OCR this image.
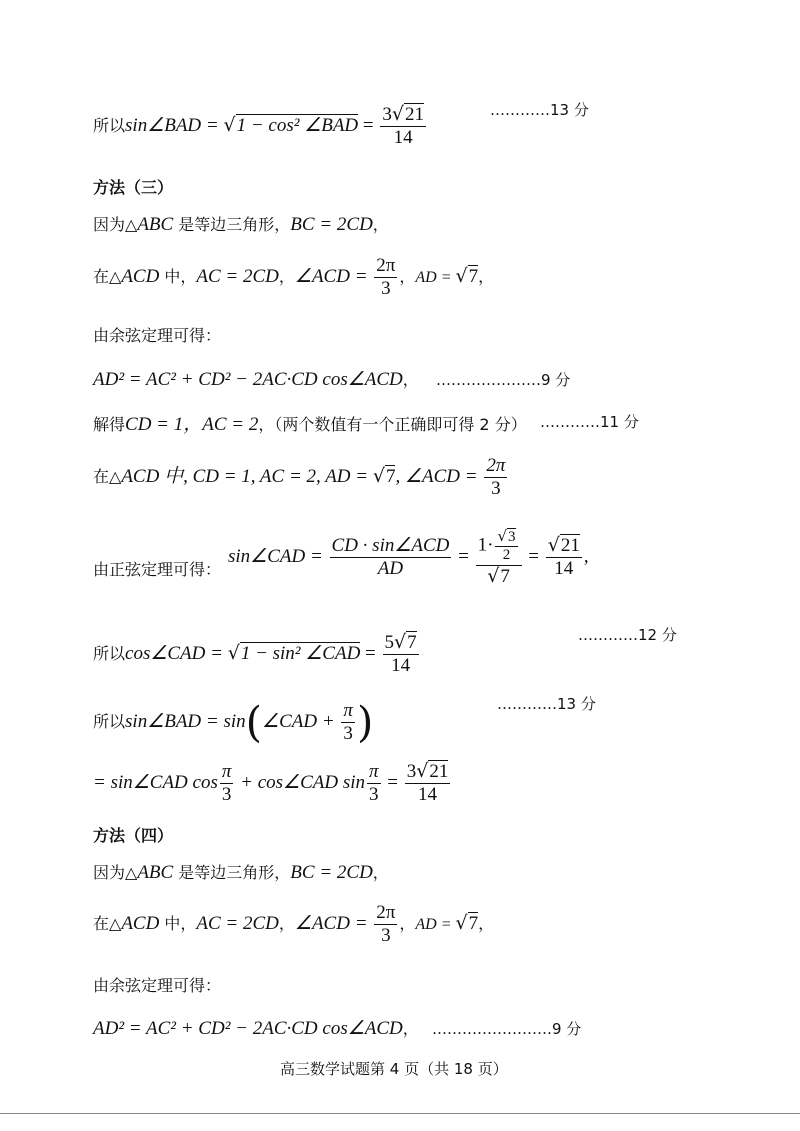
所以sin∠BAD = √1 − cos² ∠BAD = $\frac{3√21}{14}$	…………13 分
方法（三）
因为△ABC 是等边三角形，BC = 2CD，
在△ACD 中，AC = 2CD，∠ACD = $\frac{2\pi}{3}$ ，AD = √7，
由余弦定理可得：
AD² = AC² + CD² − 2AC·CD cos∠ACD， …………………9 分
解得CD = 1，AC = 2，（两个数值有一个正确即可得 2 分） …………11 分
在△ACD 中, CD = 1, AC = 2, AD = √7, ∠ACD = $\frac{2\pi}{3}$
由正弦定理可得：
sin∠CAD = $\frac{\text{CD · sin∠ACD}}{AD} = \frac{1\cdot \frac{√3}{2}}{√7} = \frac{√21}{14}$ ,
…………12 分
所以cos∠CAD = √1 − sin² ∠CAD = $\frac{5√7}{14}$
…………13 分
所以sin∠BAD = sin(∠CAD + $\frac{\pi}{3}$ )
= sin∠CAD $\cos \frac{\pi}{3}$ + cos∠CAD $\sin \frac{\pi}{3} = \frac{3√21}{14}$
方法（四）
因为△ABC 是等边三角形，BC = 2CD，
在△ACD 中，AC = 2CD，∠ACD = $\frac{2\pi}{3}$ ，AD = √7，
由余弦定理可得：
AD² = AC² + CD² − 2AC·CD cos∠ACD， ……………………9 分
高三数学试题第 4 页（共 18 页）
